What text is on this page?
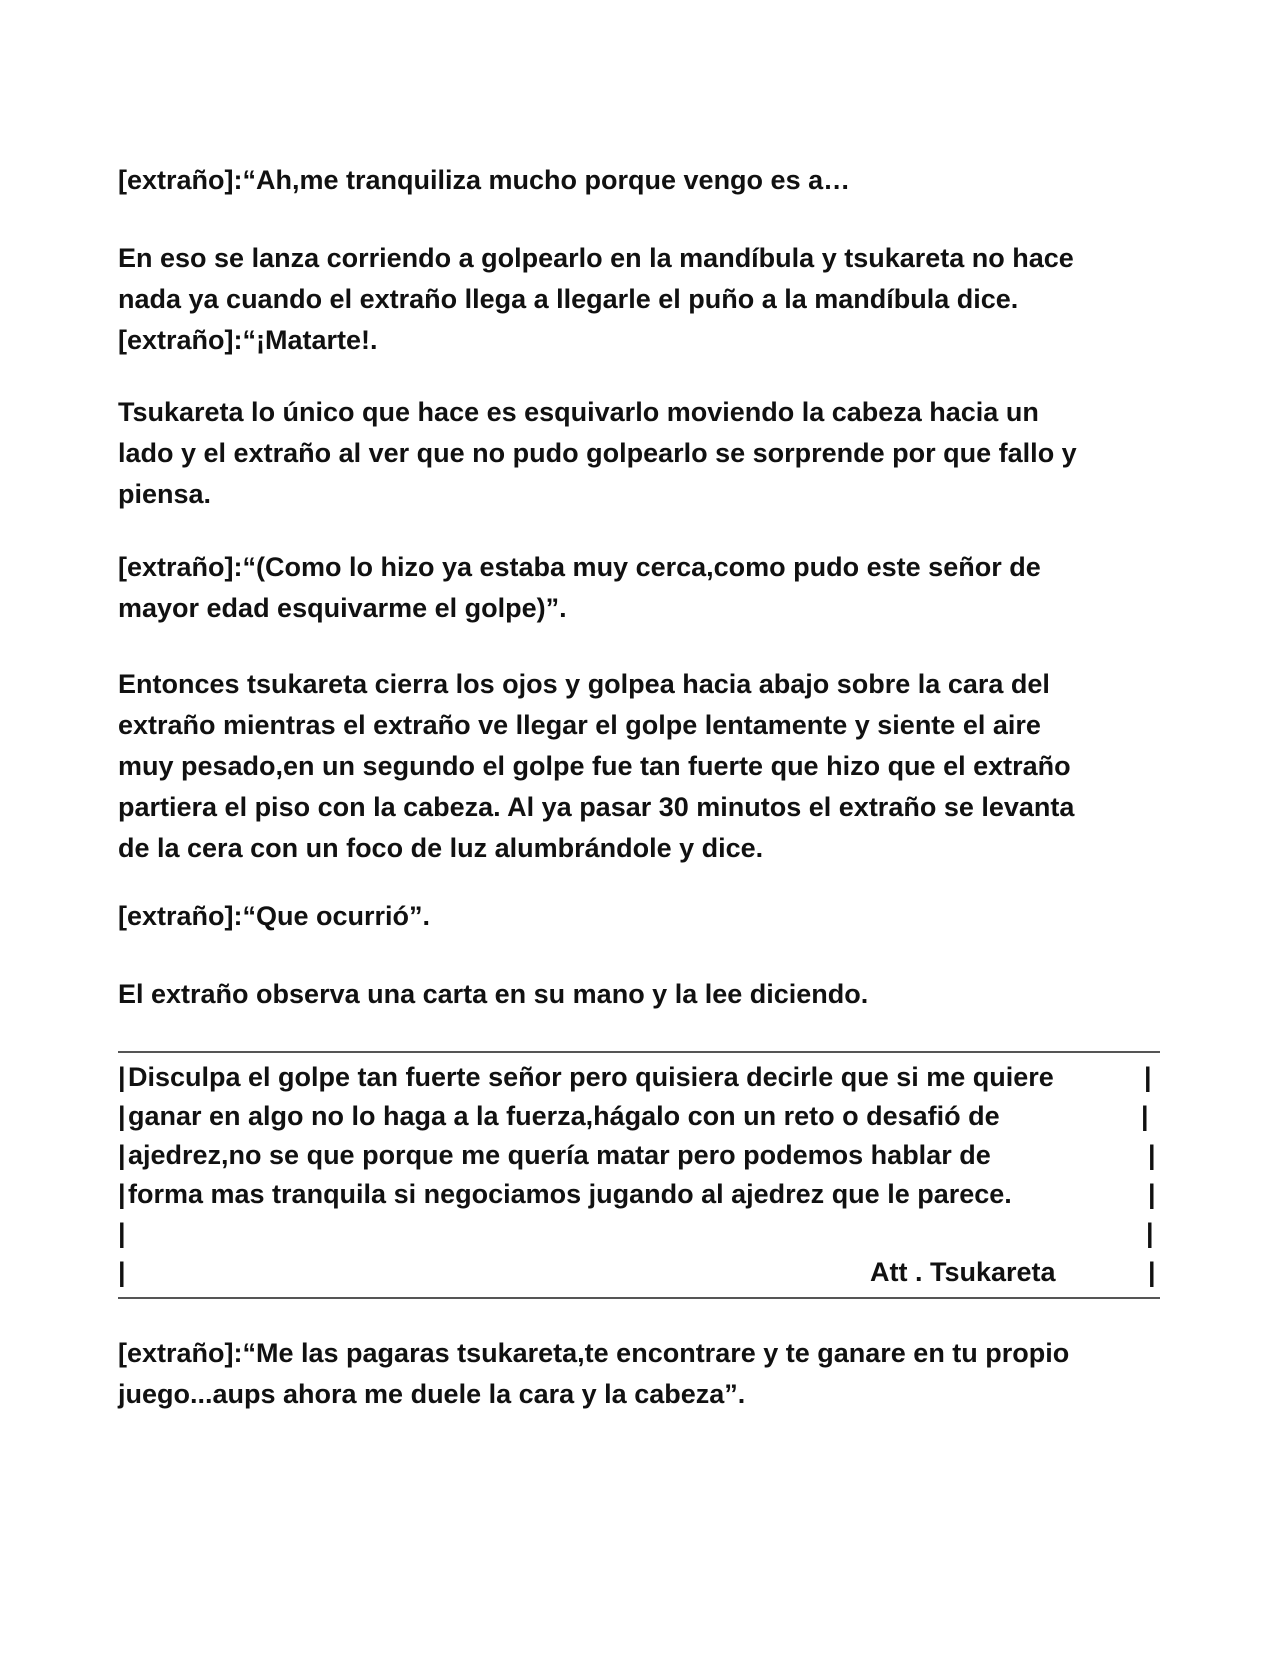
[extraño]:“Ah,me tranquiliza mucho porque vengo es a…

En eso se lanza corriendo a golpearlo en la mandíbula y tsukareta no hace
nada ya cuando el extraño llega a llegarle el puño a la mandíbula dice.
[extraño]:“¡Matarte!.

Tsukareta lo único que hace es esquivarlo moviendo la cabeza hacia un
lado y el extraño al ver que no pudo golpearlo se sorprende por que fallo y
piensa.

[extraño]:“(Como lo hizo ya estaba muy cerca,como pudo este señor de
mayor edad esquivarme el golpe)”.

Entonces tsukareta cierra los ojos y golpea hacia abajo sobre la cara del
extraño mientras el extraño ve llegar el golpe lentamente y siente el aire
muy pesado,en un segundo el golpe fue tan fuerte que hizo que el extraño
partiera el piso con la cabeza. Al ya pasar 30 minutos el extraño se levanta
de la cera con un foco de luz alumbrándole y dice.

[extraño]:“Que ocurrió”.

El extraño observa una carta en su mano y la lee diciendo.

| Disculpa el golpe tan fuerte señor pero quisiera decirle que si me quiere	|
| ganar en algo no lo haga a la fuerza,hágalo con un reto o desafió de	|
| ajedrez,no se que porque me quería matar pero podemos hablar de	|
| forma mas tranquila si negociamos jugando al ajedrez que le parece.	|
|	|
|	Att . Tsukareta	|

[extraño]:“Me las pagaras tsukareta,te encontrare y te ganare en tu propio
juego...aups ahora me duele la cara y la cabeza”.
